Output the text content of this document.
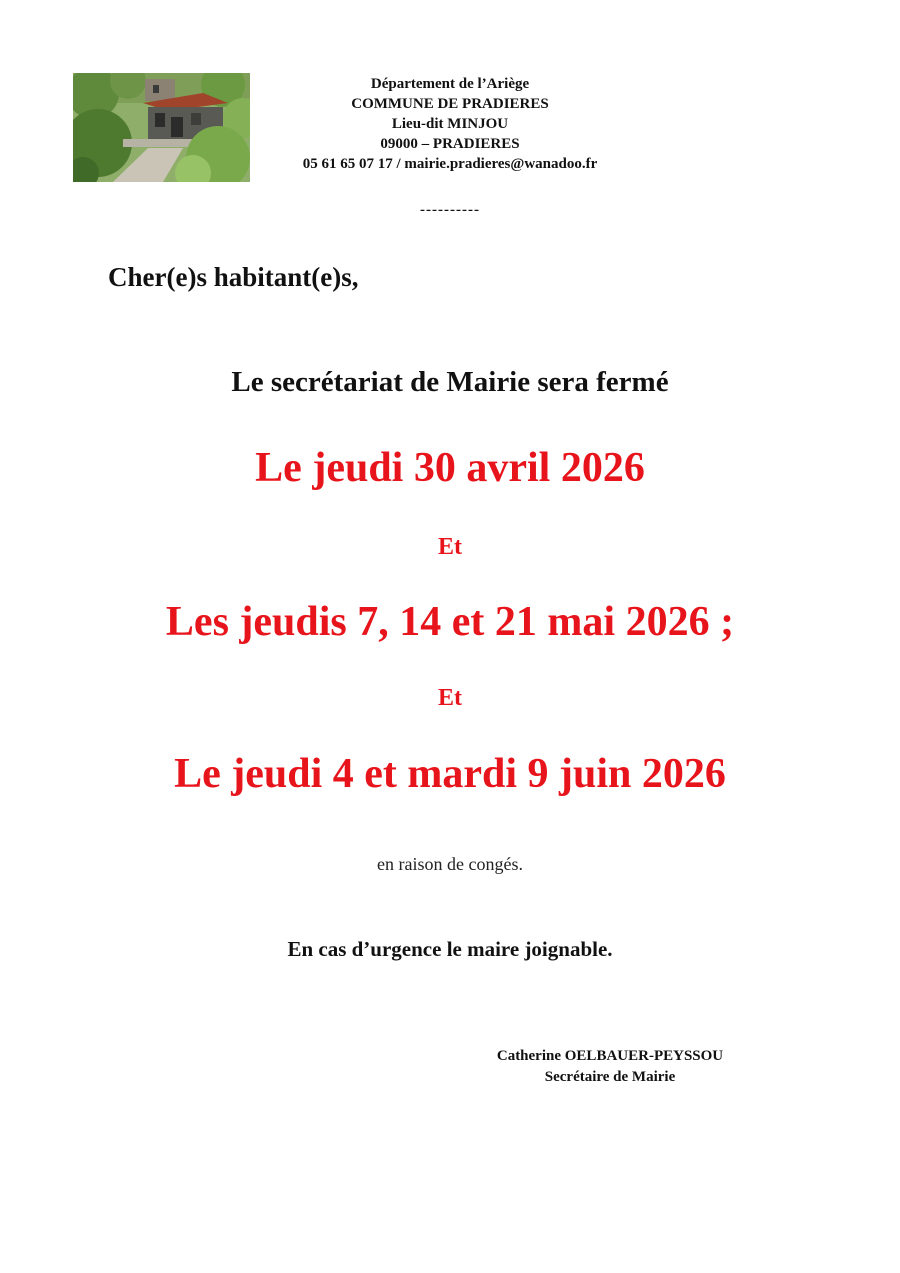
Département de l’Ariège
COMMUNE DE PRADIERES
Lieu-dit MINJOU
09000 – PRADIERES
05 61 65 07 17 / mairie.pradieres@wanadoo.fr
----------
Cher(e)s habitant(e)s,
Le secrétariat de Mairie sera fermé
Le jeudi 30 avril 2026
Et
Les jeudis 7, 14 et 21 mai 2026 ;
Et
Le jeudi 4 et mardi 9 juin 2026
en raison de congés.
En cas d’urgence le maire joignable.
Catherine OELBAUER-PEYSSOU
Secrétaire de Mairie
